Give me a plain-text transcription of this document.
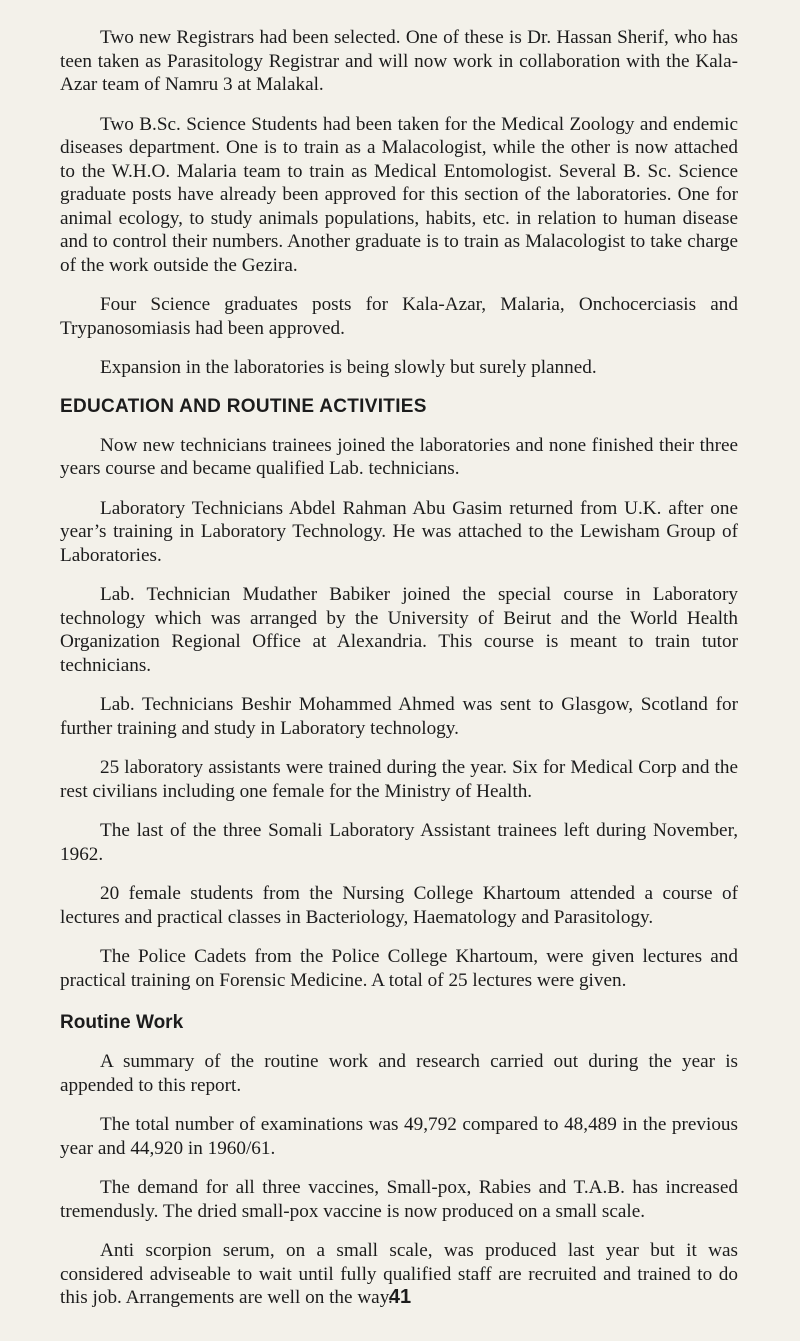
Two new Registrars had been selected. One of these is Dr. Hassan Sherif, who has teen taken as Parasitology Registrar and will now work in collaboration with the Kala-Azar team of Namru 3 at Malakal.

Two B.Sc. Science Students had been taken for the Medical Zoology and endemic diseases department. One is to train as a Malacologist, while the other is now attached to the W.H.O. Malaria team to train as Medical Entomologist. Several B. Sc. Science graduate posts have already been approved for this section of the laboratories. One for animal ecology, to study animals populations, habits, etc. in relation to human disease and to control their numbers. Another graduate is to train as Malacologist to take charge of the work outside the Gezira.

Four Science graduates posts for Kala-Azar, Malaria, Onchocerciasis and Trypanosomiasis had been approved.

Expansion in the laboratories is being slowly but surely planned.

EDUCATION AND ROUTINE ACTIVITIES

Now new technicians trainees joined the laboratories and none finished their three years course and became qualified Lab. technicians.

Laboratory Technicians Abdel Rahman Abu Gasim returned from U.K. after one year’s training in Laboratory Technology. He was attached to the Lewisham Group of Laboratories.

Lab. Technician Mudather Babiker joined the special course in Laboratory technology which was arranged by the University of Beirut and the World Health Organization Regional Office at Alexandria. This course is meant to train tutor technicians.

Lab. Technicians Beshir Mohammed Ahmed was sent to Glasgow, Scotland for further training and study in Laboratory technology.

25 laboratory assistants were trained during the year. Six for Medical Corp and the rest civilians including one female for the Ministry of Health.

The last of the three Somali Laboratory Assistant trainees left during November, 1962.

20 female students from the Nursing College Khartoum attended a course of lectures and practical classes in Bacteriology, Haematology and Parasitology.

The Police Cadets from the Police College Khartoum, were given lectures and practical training on Forensic Medicine. A total of 25 lectures were given.

Routine Work

A summary of the routine work and research carried out during the year is appended to this report.

The total number of examinations was 49,792 compared to 48,489 in the previous year and 44,920 in 1960/61.

The demand for all three vaccines, Small-pox, Rabies and T.A.B. has increased tremendusly. The dried small-pox vaccine is now produced on a small scale.

Anti scorpion serum, on a small scale, was produced last year but it was considered adviseable to wait until fully qualified staff are recruited and trained to do this job. Arrangements are well on the way.

41
